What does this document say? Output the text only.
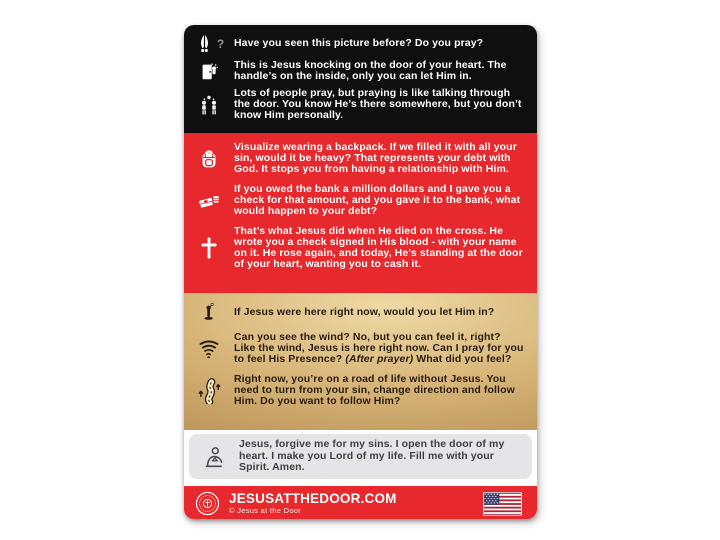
? Have you seen this picture before? Do you pray?
This is Jesus knocking on the door of your heart. The handle’s on the inside, only you can let Him in.
Lots of people pray, but praying is like talking through the door. You know He’s there somewhere, but you don’t know Him personally.
Visualize wearing a backpack. If we filled it with all your sin, would it be heavy? That represents your debt with God. It stops you from having a relationship with Him.
If you owed the bank a million dollars and I gave you a check for that amount, and you gave it to the bank, what would happen to your debt?
That’s what Jesus did when He died on the cross. He wrote you a check signed in His blood - with your name on it. He rose again, and today, He’s standing at the door of your heart, wanting you to cash it.
If Jesus were here right now, would you let Him in?
Can you see the wind? No, but you can feel it, right? Like the wind, Jesus is here right now. Can I pray for you to feel His Presence? (After prayer) What did you feel?
Right now, you’re on a road of life without Jesus. You need to turn from your sin, change direction and follow Him. Do you want to follow Him?
Jesus, forgive me for my sins. I open the door of my heart. I make you Lord of my life. Fill me with your Spirit. Amen.
JESUSATTHEDOOR.COM
© Jesus at the Door
